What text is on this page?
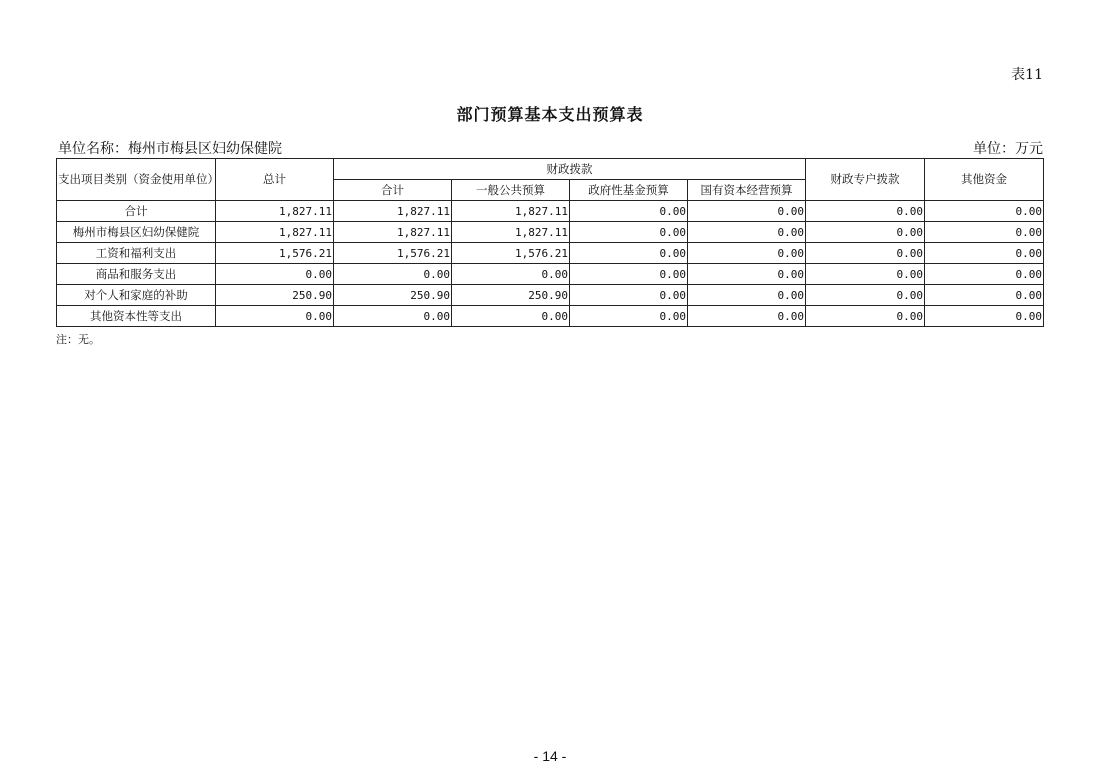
表11
部门预算基本支出预算表
单位名称：梅州市梅县区妇幼保健院	单位：万元
支出项目类别（资金使用单位）	总计	财政拨款				财政专户拨款	其他资金
		合计	一般公共预算	政府性基金预算	国有资本经营预算		
合计	1,827.11	1,827.11	1,827.11	0.00	0.00	0.00	0.00
梅州市梅县区妇幼保健院	1,827.11	1,827.11	1,827.11	0.00	0.00	0.00	0.00
工资和福利支出	1,576.21	1,576.21	1,576.21	0.00	0.00	0.00	0.00
商品和服务支出	0.00	0.00	0.00	0.00	0.00	0.00	0.00
对个人和家庭的补助	250.90	250.90	250.90	0.00	0.00	0.00	0.00
其他资本性等支出	0.00	0.00	0.00	0.00	0.00	0.00	0.00
注：无。
- 14 -
